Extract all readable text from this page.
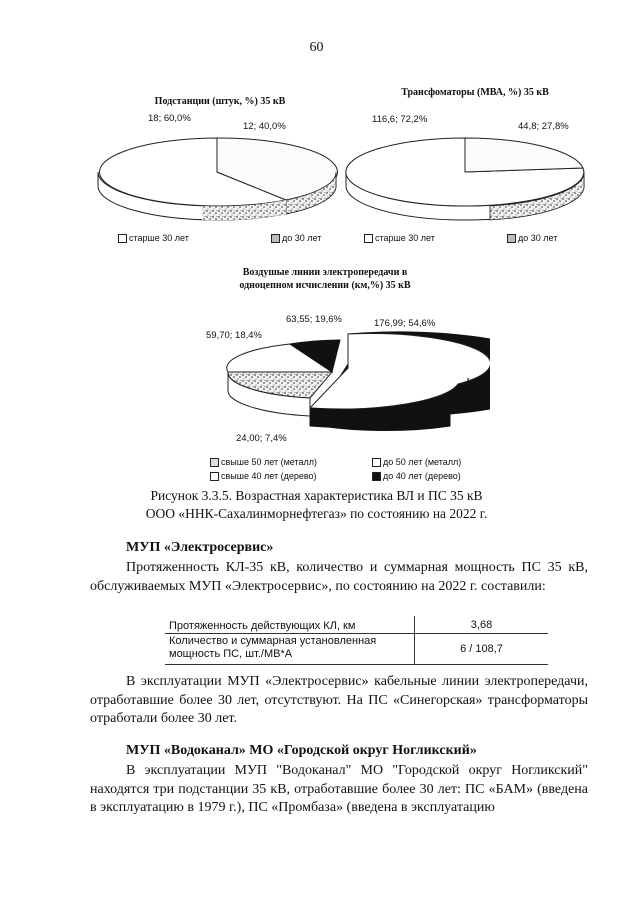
60
Подстанции (штук, %) 35 кВ
18; 60,0%
12; 40,0%
старше 30 лет	до 30 лет
Трансфоматоры (МВА, %) 35 кВ
116,6; 72,2%
44,8; 27,8%
старше 30 лет	до 30 лет
Воздушые линии электропередачи в
одноцепном исчислении (км,%) 35 кВ
63,55; 19,6%	176,99; 54,6%
59,70; 18,4%
24,00; 7,4%
свыше 50 лет (металл)	до 50 лет (металл)
свыше 40 лет (дерево)	до 40 лет (дерево)
Рисунок 3.3.5. Возрастная характеристика ВЛ и ПС 35 кВ
ООО «ННК-Сахалинморнефтегаз» по состоянию на 2022 г.
МУП «Электросервис»
Протяженность КЛ-35 кВ, количество и суммарная мощность ПС 35 кВ, обслуживаемых МУП «Электросервис», по состоянию на 2022 г. составили:
Протяженность действующих КЛ, км	3,68
Количество и суммарная установленная мощность ПС, шт./МВ*А	6 / 108,7
В эксплуатации МУП «Электросервис» кабельные линии электропередачи, отработавшие более 30 лет, отсутствуют. На ПС «Синегорская» трансформаторы отработали более 30 лет.
МУП «Водоканал» МО «Городской округ Ногликский»
В эксплуатации МУП "Водоканал" МО "Городской округ Ногликский" находятся три подстанции 35 кВ, отработавшие более 30 лет: ПС «БАМ» (введена в эксплуатацию в 1979 г.), ПС «Промбаза» (введена в эксплуатацию
